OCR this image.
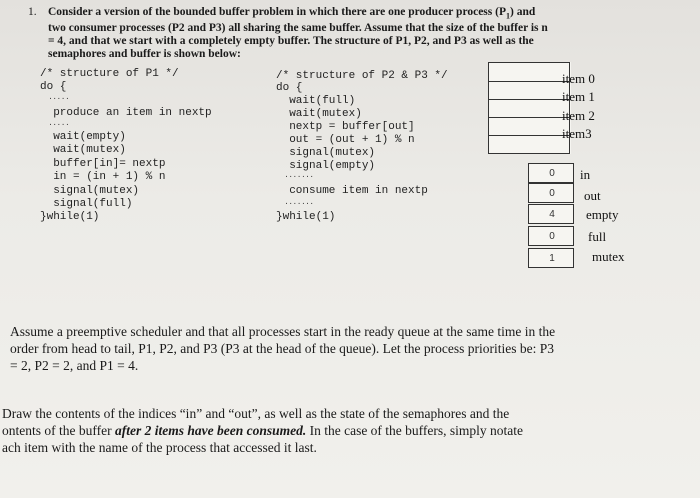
1. Consider a version of the bounded buffer problem in which there are one producer process $(P_1)$ and
two consumer processes (P2 and P3) all sharing the same buffer. Assume that the size of the buffer is n
= 4, and that we start with a completely empty buffer. The structure of P1, P2, and P3 as well as the
semaphores and buffer is shown below:
/* structure of P1 */
do {
.....
produce an item in nextp
.....
wait(empty)
wait(mutex)
buffer[in]= nextp
in = (in + 1) % n
signal(mutex)
signal(full)
}while(1)
/* structure of P2 & P3 */
do {
wait(full)
wait(mutex)
nextp = buffer[out]
out = (out + 1) % n
signal(mutex)
signal(empty)
.......
consume item in nextp
.......
}while(1)
item 0
item 1
item 2
item3
0
0
4
0
1
in
out
empty
full
mutex
Assume a preemptive scheduler and that all processes start in the ready queue at the same time in the
order from head to tail, P1, P2, and P3 (P3 at the head of the queue). Let the process priorities be: P3
= 2, P2 = 2, and P1 = 4.
Draw the contents of the indices “in” and “out”, as well as the state of the semaphores and the
ontents of the buffer after 2 items have been consumed. In the case of the buffers, simply notate
ach item with the name of the process that accessed it last.
